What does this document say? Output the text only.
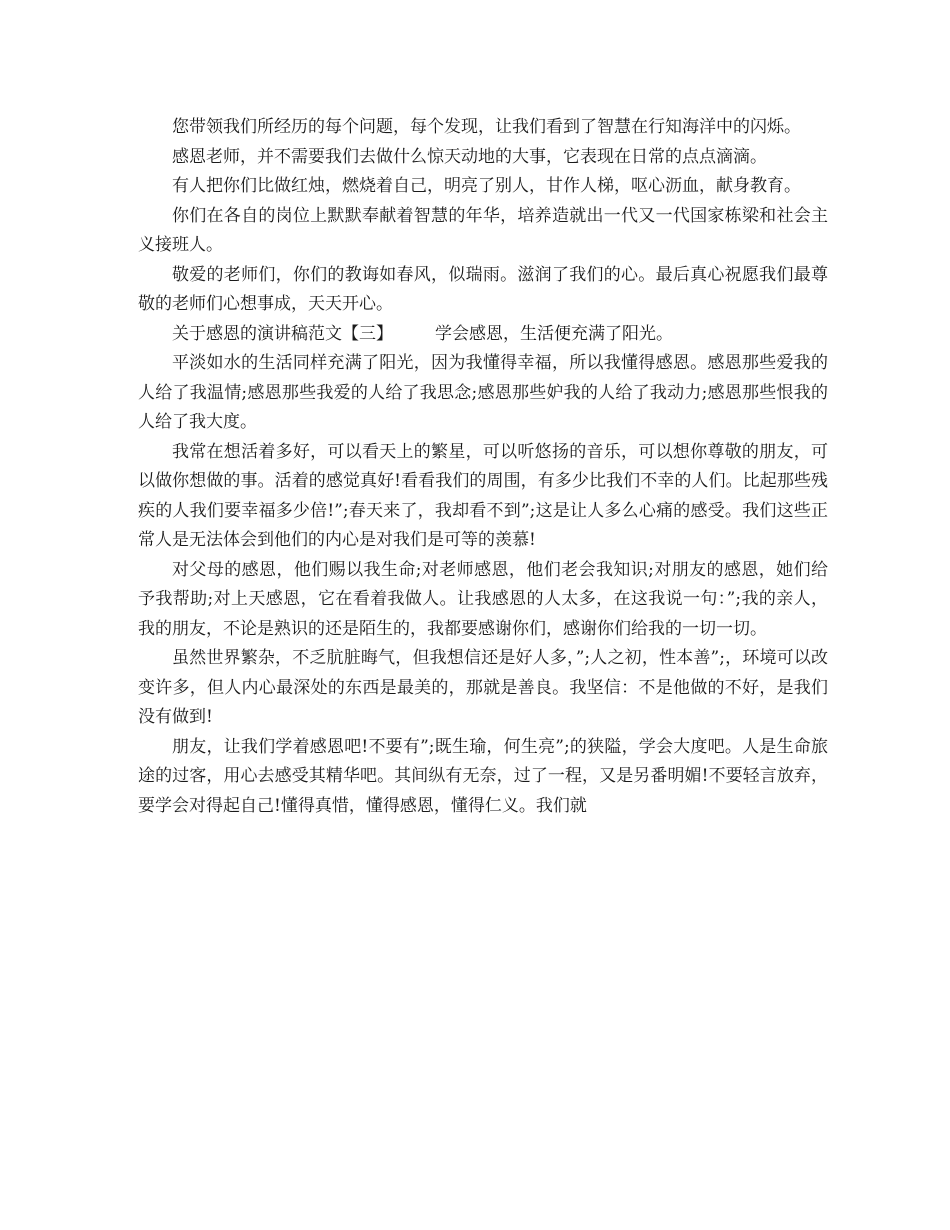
您带领我们所经历的每个问题，每个发现，让我们看到了智慧在行知海洋中的闪烁。

感恩老师，并不需要我们去做什么惊天动地的大事，它表现在日常的点点滴滴。

有人把你们比做红烛，燃烧着自己，明亮了别人，甘作人梯，呕心沥血，献身教育。

你们在各自的岗位上默默奉献着智慧的年华，培养造就出一代又一代国家栋梁和社会主义接班人。

敬爱的老师们，你们的教诲如春风，似瑞雨。滋润了我们的心。最后真心祝愿我们最尊敬的老师们心想事成，天天开心。

关于感恩的演讲稿范文【三】 学会感恩，生活便充满了阳光。

平淡如水的生活同样充满了阳光，因为我懂得幸福，所以我懂得感恩。感恩那些爱我的人给了我温情;感恩那些我爱的人给了我思念;感恩那些妒我的人给了我动力;感恩那些恨我的人给了我大度。

我常在想活着多好，可以看天上的繁星，可以听悠扬的音乐，可以想你尊敬的朋友，可以做你想做的事。活着的感觉真好!看看我们的周围，有多少比我们不幸的人们。比起那些残疾的人我们要幸福多少倍!”;春天来了，我却看不到”;这是让人多么心痛的感受。我们这些正常人是无法体会到他们的内心是对我们是可等的羡慕!

对父母的感恩，他们赐以我生命;对老师感恩，他们老会我知识;对朋友的感恩，她们给予我帮助;对上天感恩，它在看着我做人。让我感恩的人太多，在这我说一句：”;我的亲人，我的朋友，不论是熟识的还是陌生的，我都要感谢你们，感谢你们给我的一切一切。

虽然世界繁杂，不乏肮脏晦气，但我想信还是好人多，”;人之初，性本善”;，环境可以改变许多，但人内心最深处的东西是最美的，那就是善良。我坚信：不是他做的不好，是我们没有做到!

朋友，让我们学着感恩吧!不要有”;既生瑜，何生亮”;的狭隘，学会大度吧。人是生命旅途的过客，用心去感受其精华吧。其间纵有无奈，过了一程，又是另番明媚!不要轻言放弃，要学会对得起自己!懂得真惜，懂得感恩，懂得仁义。我们就
